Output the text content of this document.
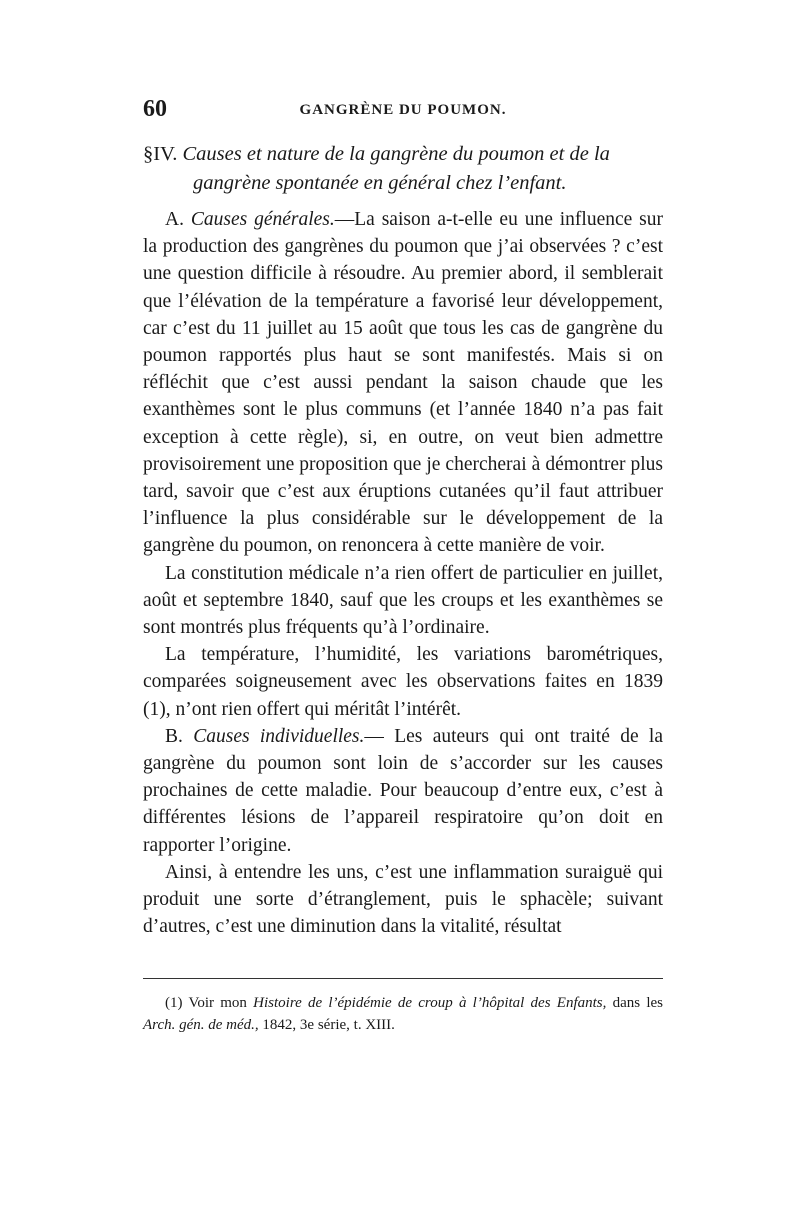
60	GANGRÈNE DU POUMON.
§IV. Causes et nature de la gangrène du poumon et de la
gangrène spontanée en général chez l’enfant.

A. Causes générales.—La saison a-t-elle eu une influence sur la production des gangrènes du poumon que j’ai observées ? c’est une question difficile à résoudre. Au premier abord, il semblerait que l’élévation de la température a favorisé leur développement, car c’est du 11 juillet au 15 août que tous les cas de gangrène du poumon rapportés plus haut se sont manifestés. Mais si on réfléchit que c’est aussi pendant la saison chaude que les exanthèmes sont le plus communs (et l’année 1840 n’a pas fait exception à cette règle), si, en outre, on veut bien admettre provisoirement une proposition que je chercherai à démontrer plus tard, savoir que c’est aux éruptions cutanées qu’il faut attribuer l’influence la plus considérable sur le développement de la gangrène du poumon, on renoncera à cette manière de voir.

La constitution médicale n’a rien offert de particulier en juillet, août et septembre 1840, sauf que les croups et les exanthèmes se sont montrés plus fréquents qu’à l’ordinaire.

La température, l’humidité, les variations barométriques, comparées soigneusement avec les observations faites en 1839 (1), n’ont rien offert qui méritât l’intérêt.

B. Causes individuelles.— Les auteurs qui ont traité de la gangrène du poumon sont loin de s’accorder sur les causes prochaines de cette maladie. Pour beaucoup d’entre eux, c’est à différentes lésions de l’appareil respiratoire qu’on doit en rapporter l’origine.

Ainsi, à entendre les uns, c’est une inflammation suraiguë qui produit une sorte d’étranglement, puis le sphacèle; suivant d’autres, c’est une diminution dans la vitalité, résultat

(1) Voir mon Histoire de l’épidémie de croup à l’hôpital des Enfants, dans les Arch. gén. de méd., 1842, 3e série, t. XIII.
